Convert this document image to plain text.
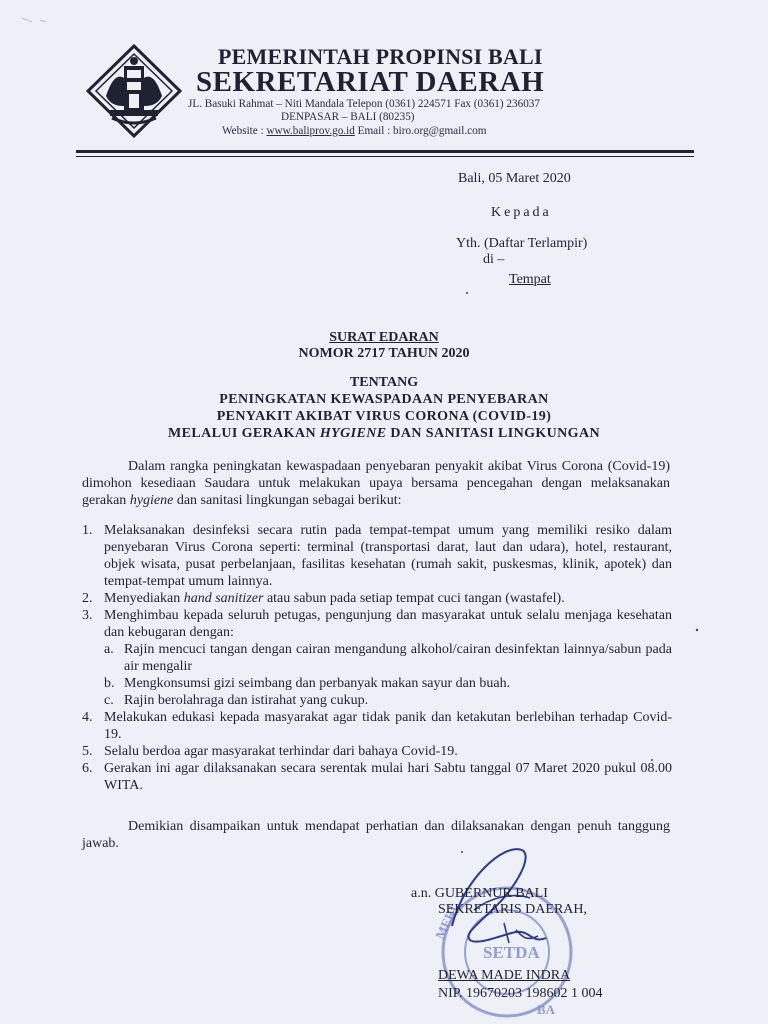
PEMERINTAH PROPINSI BALI
SEKRETARIAT DAERAH
JL. Basuki Rahmat – Niti Mandala Telepon (0361) 224571 Fax (0361) 236037
DENPASAR – BALI (80235)
Website : www.baliprov.go.id Email : biro.org@gmail.com
Bali, 05 Maret 2020
Kepada
Yth. (Daftar Terlampir)
di –
Tempat
SURAT EDARAN
NOMOR 2717 TAHUN 2020
TENTANG
PENINGKATAN KEWASPADAAN PENYEBARAN
PENYAKIT AKIBAT VIRUS CORONA (COVID-19)
MELALUI GERAKAN HYGIENE DAN SANITASI LINGKUNGAN
Dalam rangka peningkatan kewaspadaan penyebaran penyakit akibat Virus Corona (Covid-19) dimohon kesediaan Saudara untuk melakukan upaya bersama pencegahan dengan melaksanakan gerakan hygiene dan sanitasi lingkungan sebagai berikut:
1. Melaksanakan desinfeksi secara rutin pada tempat-tempat umum yang memiliki resiko dalam penyebaran Virus Corona seperti: terminal (transportasi darat, laut dan udara), hotel, restaurant, objek wisata, pusat perbelanjaan, fasilitas kesehatan (rumah sakit, puskesmas, klinik, apotek) dan tempat-tempat umum lainnya.
2. Menyediakan hand sanitizer atau sabun pada setiap tempat cuci tangan (wastafel).
3. Menghimbau kepada seluruh petugas, pengunjung dan masyarakat untuk selalu menjaga kesehatan dan kebugaran dengan:
a. Rajin mencuci tangan dengan cairan mengandung alkohol/cairan desinfektan lainnya/sabun pada air mengalir
b. Mengkonsumsi gizi seimbang dan perbanyak makan sayur dan buah.
c. Rajin berolahraga dan istirahat yang cukup.
4. Melakukan edukasi kepada masyarakat agar tidak panik dan ketakutan berlebihan terhadap Covid-19.
5. Selalu berdoa agar masyarakat terhindar dari bahaya Covid-19.
6. Gerakan ini agar dilaksanakan secara serentak mulai hari Sabtu tanggal 07 Maret 2020 pukul 08.00 WITA.
Demikian disampaikan untuk mendapat perhatian dan dilaksanakan dengan penuh tanggung jawab.
MERI
SETDA
BA
a.n. GUBERNUR BALI
SEKRETARIS DAERAH,
DEWA MADE INDRA
NIP. 19670203 198602 1 004
